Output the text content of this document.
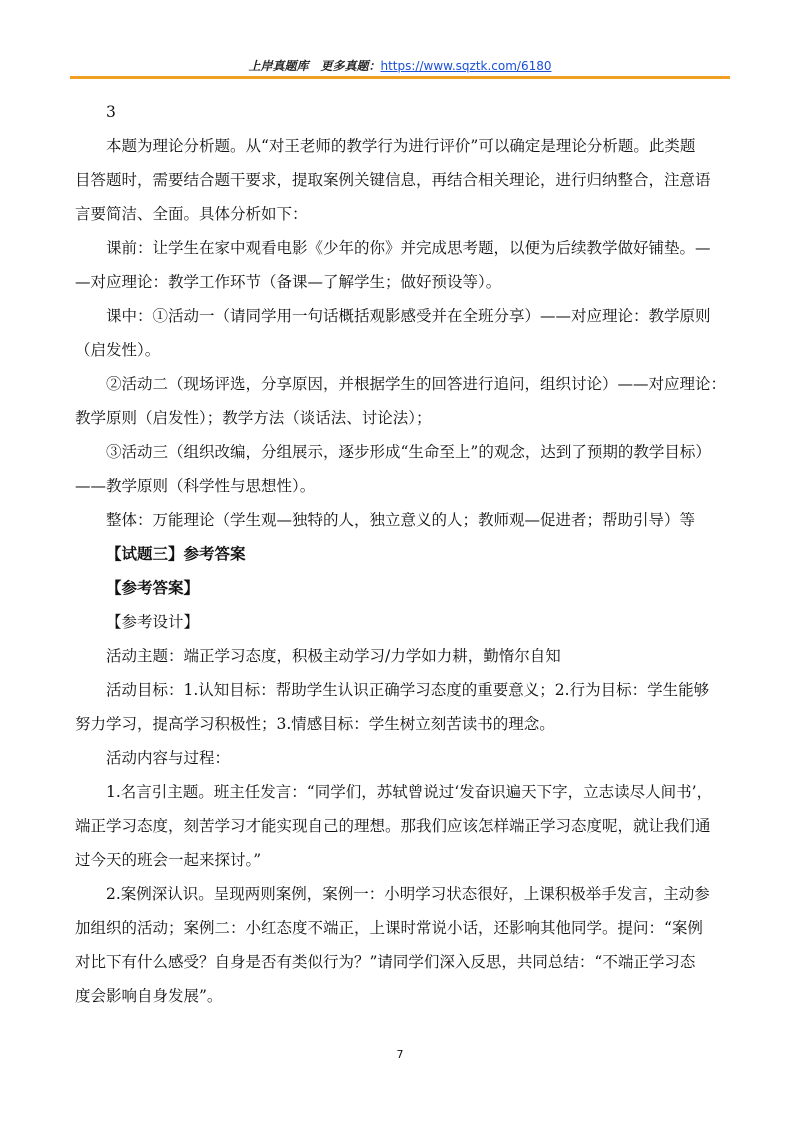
上岸真题库　更多真题：https://www.sqztk.com/6180
3
本题为理论分析题。从“对王老师的教学行为进行评价”可以确定是理论分析题。此类题
目答题时，需要结合题干要求，提取案例关键信息，再结合相关理论，进行归纳整合，注意语
言要简洁、全面。具体分析如下：
课前：让学生在家中观看电影《少年的你》并完成思考题，以便为后续教学做好铺垫。—
—对应理论：教学工作环节（备课—了解学生；做好预设等）。
课中：①活动一（请同学用一句话概括观影感受并在全班分享）——对应理论：教学原则
（启发性）。
②活动二（现场评选，分享原因，并根据学生的回答进行追问，组织讨论）——对应理论：
教学原则（启发性）；教学方法（谈话法、讨论法）；
③活动三（组织改编，分组展示，逐步形成“生命至上”的观念，达到了预期的教学目标）
——教学原则（科学性与思想性）。
整体：万能理论（学生观—独特的人，独立意义的人；教师观—促进者；帮助引导）等
【试题三】参考答案
【参考答案】
【参考设计】
活动主题：端正学习态度，积极主动学习/力学如力耕，勤惰尔自知
活动目标：1.认知目标：帮助学生认识正确学习态度的重要意义；2.行为目标：学生能够
努力学习，提高学习积极性；3.情感目标：学生树立刻苦读书的理念。
活动内容与过程：
1.名言引主题。班主任发言：“同学们，苏轼曾说过‘发奋识遍天下字，立志读尽人间书’，
端正学习态度，刻苦学习才能实现自己的理想。那我们应该怎样端正学习态度呢，就让我们通
过今天的班会一起来探讨。”
2.案例深认识。呈现两则案例，案例一：小明学习状态很好，上课积极举手发言，主动参
加组织的活动；案例二：小红态度不端正，上课时常说小话，还影响其他同学。提问：“案例
对比下有什么感受？自身是否有类似行为？”请同学们深入反思，共同总结：“不端正学习态
度会影响自身发展”。
7
